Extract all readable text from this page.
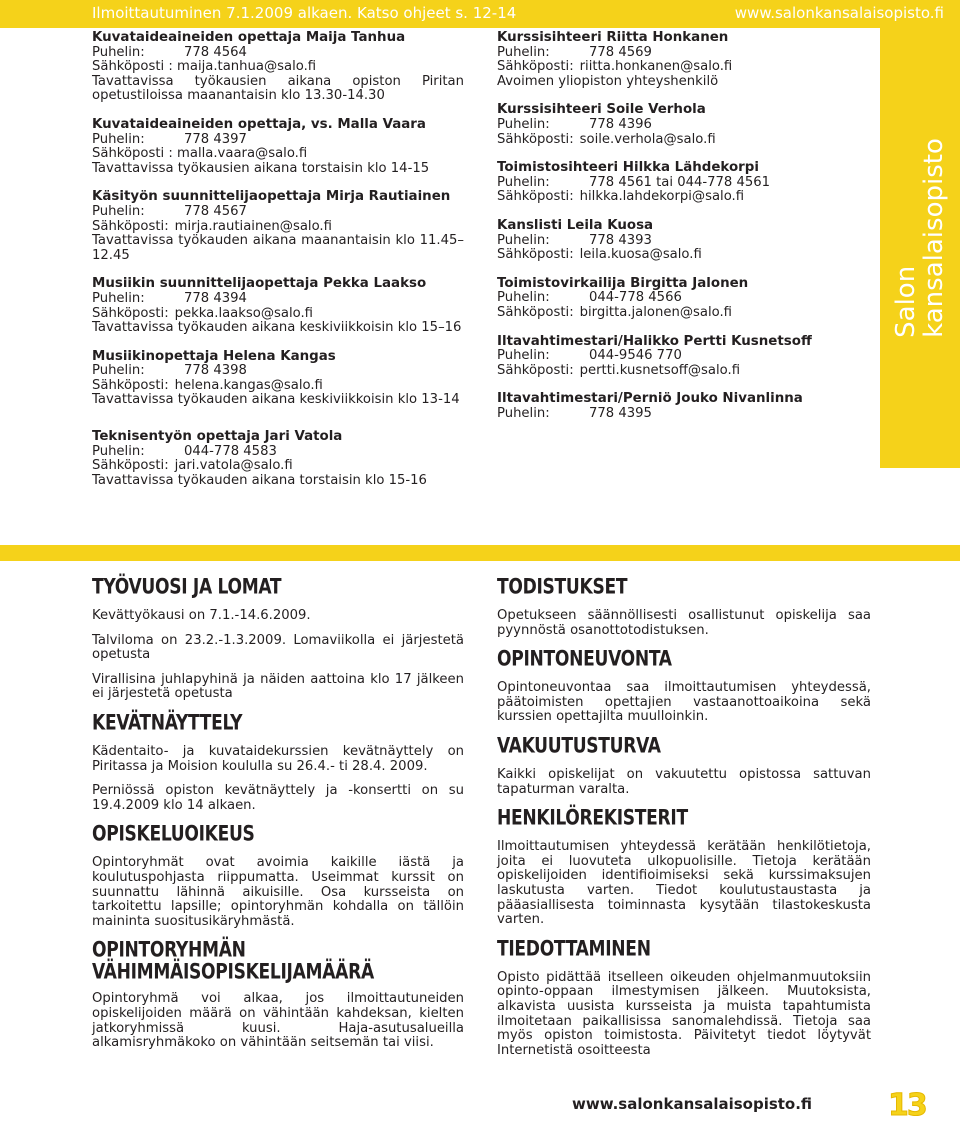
Ilmoittautuminen 7.1.2009 alkaen. Katso ohjeet s. 12-14	www.salonkansalaisopisto.fi
Salon
kansalaisopisto
Kuvataideaineiden opettaja Maija Tanhua
Puhelin:	778 4564
Sähköposti : maija.tanhua@salo.fi
Tavattavissa työkausien aikana opiston Piritan opetustiloissa maanantaisin klo 13.30-14.30
Kuvataideaineiden opettaja, vs. Malla Vaara
Puhelin:	778 4397
Sähköposti : malla.vaara@salo.fi
Tavattavissa työkausien aikana torstaisin klo 14-15
Käsityön suunnittelijaopettaja Mirja Rautiainen
Puhelin:	778 4567
Sähköposti: mirja.rautiainen@salo.fi
Tavattavissa työkauden aikana maanantaisin klo 11.45–12.45
Musiikin suunnittelijaopettaja Pekka Laakso
Puhelin:	778 4394
Sähköposti: pekka.laakso@salo.fi
Tavattavissa työkauden aikana keskiviikkoisin klo 15–16
Musiikinopettaja Helena Kangas
Puhelin:	778 4398
Sähköposti: helena.kangas@salo.fi
Tavattavissa työkauden aikana keskiviikkoisin klo 13-14
Teknisentyön opettaja Jari Vatola
Puhelin:	044-778 4583
Sähköposti: jari.vatola@salo.fi
Tavattavissa työkauden aikana torstaisin klo 15-16
Kurssisihteeri Riitta Honkanen
Puhelin:	778 4569
Sähköposti: riitta.honkanen@salo.fi
Avoimen yliopiston yhteyshenkilö
Kurssisihteeri Soile Verhola
Puhelin:	778 4396
Sähköposti: soile.verhola@salo.fi
Toimistosihteeri Hilkka Lähdekorpi
Puhelin:	778 4561 tai 044-778 4561
Sähköposti: hilkka.lahdekorpi@salo.fi
Kanslisti Leila Kuosa
Puhelin:	778 4393
Sähköposti: leila.kuosa@salo.fi
Toimistovirkailija Birgitta Jalonen
Puhelin:	044-778 4566
Sähköposti: birgitta.jalonen@salo.fi
Iltavahtimestari/Halikko Pertti Kusnetsoff
Puhelin:	044-9546 770
Sähköposti: pertti.kusnetsoff@salo.fi
Iltavahtimestari/Perniö Jouko Nivanlinna
Puhelin:	778 4395
TYÖVUOSI JA LOMAT

Kevättyökausi on 7.1.-14.6.2009.

Talviloma on 23.2.-1.3.2009. Lomaviikolla ei järjestetä opetusta

Virallisina juhlapyhinä ja näiden aattoina klo 17 jälkeen ei järjestetä opetusta

KEVÄTNÄYTTELY

Kädentaito- ja kuvataidekurssien kevätnäyttely on Piritassa ja Moision koululla su 26.4.- ti 28.4. 2009.

Perniössä opiston kevätnäyttely ja -konsertti on su 19.4.2009 klo 14 alkaen.

OPISKELUOIKEUS

Opintoryhmät ovat avoimia kaikille iästä ja koulutuspohjasta riippumatta. Useimmat kurssit on suunnattu lähinnä aikuisille. Osa kursseista on tarkoitettu lapsille; opintoryhmän kohdalla on tällöin maininta suositusikäryhmästä.

OPINTORYHMÄN VÄHIMMÄISOPISKELIJAMÄÄRÄ

Opintoryhmä voi alkaa, jos ilmoittautuneiden opiskelijoiden määrä on vähintään kahdeksan, kielten jatkoryhmissä kuusi. Haja-asutusalueilla alkamisryhmäkoko on vähintään seitsemän tai viisi.

TODISTUKSET

Opetukseen säännöllisesti osallistunut opiskelija saa pyynnöstä osanottotodistuksen.

OPINTONEUVONTA

Opintoneuvontaa saa ilmoittautumisen yhteydessä, päätoimisten opettajien vastaanottoaikoina sekä kurssien opettajilta muulloinkin.

VAKUUTUSTURVA

Kaikki opiskelijat on vakuutettu opistossa sattuvan tapaturman varalta.

HENKILÖREKISTERIT

Ilmoittautumisen yhteydessä kerätään henkilötietoja, joita ei luovuteta ulkopuolisille. Tietoja kerätään opiskelijoiden identifioimiseksi sekä kurssimaksujen laskutusta varten. Tiedot koulutustaustasta ja pääasiallisesta toiminnasta kysytään tilastokeskusta varten.

TIEDOTTAMINEN

Opisto pidättää itselleen oikeuden ohjelmanmuutoksiin opinto-oppaan ilmestymisen jälkeen. Muutoksista, alkavista uusista kursseista ja muista tapahtumista ilmoitetaan paikallisissa sanomalehdissä. Tietoja saa myös opiston toimistosta. Päivitetyt tiedot löytyvät Internetistä osoitteesta

www.salonkansalaisopisto.fi	13
